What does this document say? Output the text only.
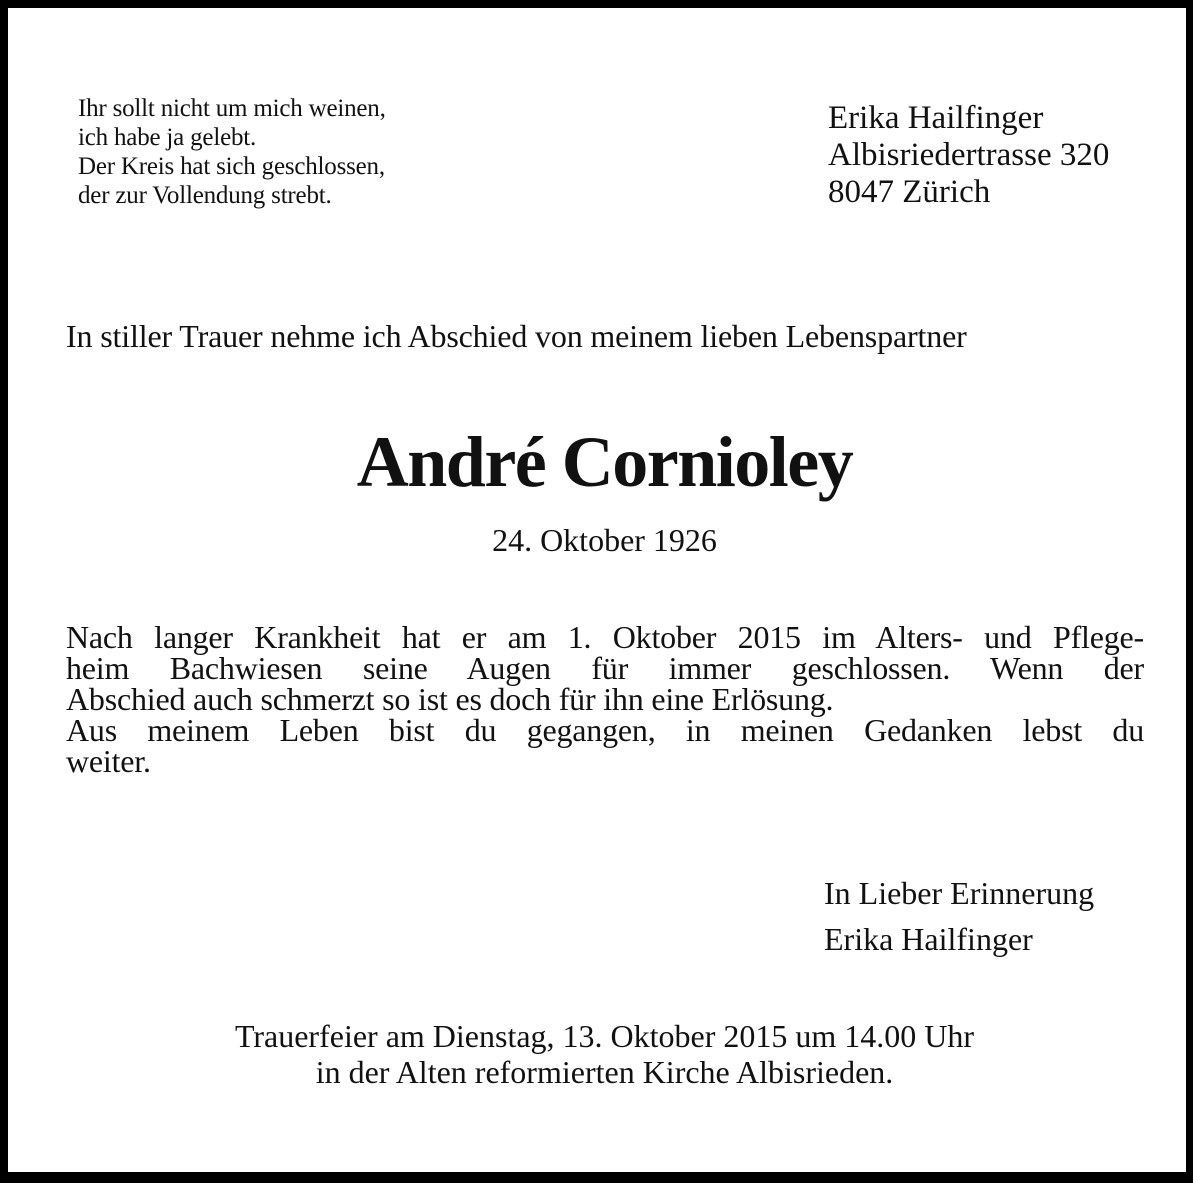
Ihr sollt nicht um mich weinen,
ich habe ja gelebt.
Der Kreis hat sich geschlossen,
der zur Vollendung strebt.
Erika Hailfinger
Albisriedertrasse 320
8047 Zürich
In stiller Trauer nehme ich Abschied von meinem lieben Lebenspartner
André Cornioley
24. Oktober 1926
Nach langer Krankheit hat er am 1. Oktober 2015 im Alters- und Pflege-
heim Bachwiesen seine Augen für immer geschlossen. Wenn der
Abschied auch schmerzt so ist es doch für ihn eine Erlösung.
Aus meinem Leben bist du gegangen, in meinen Gedanken lebst du
weiter.
In Lieber Erinnerung
Erika Hailfinger
Trauerfeier am Dienstag, 13. Oktober 2015 um 14.00 Uhr
in der Alten reformierten Kirche Albisrieden.
